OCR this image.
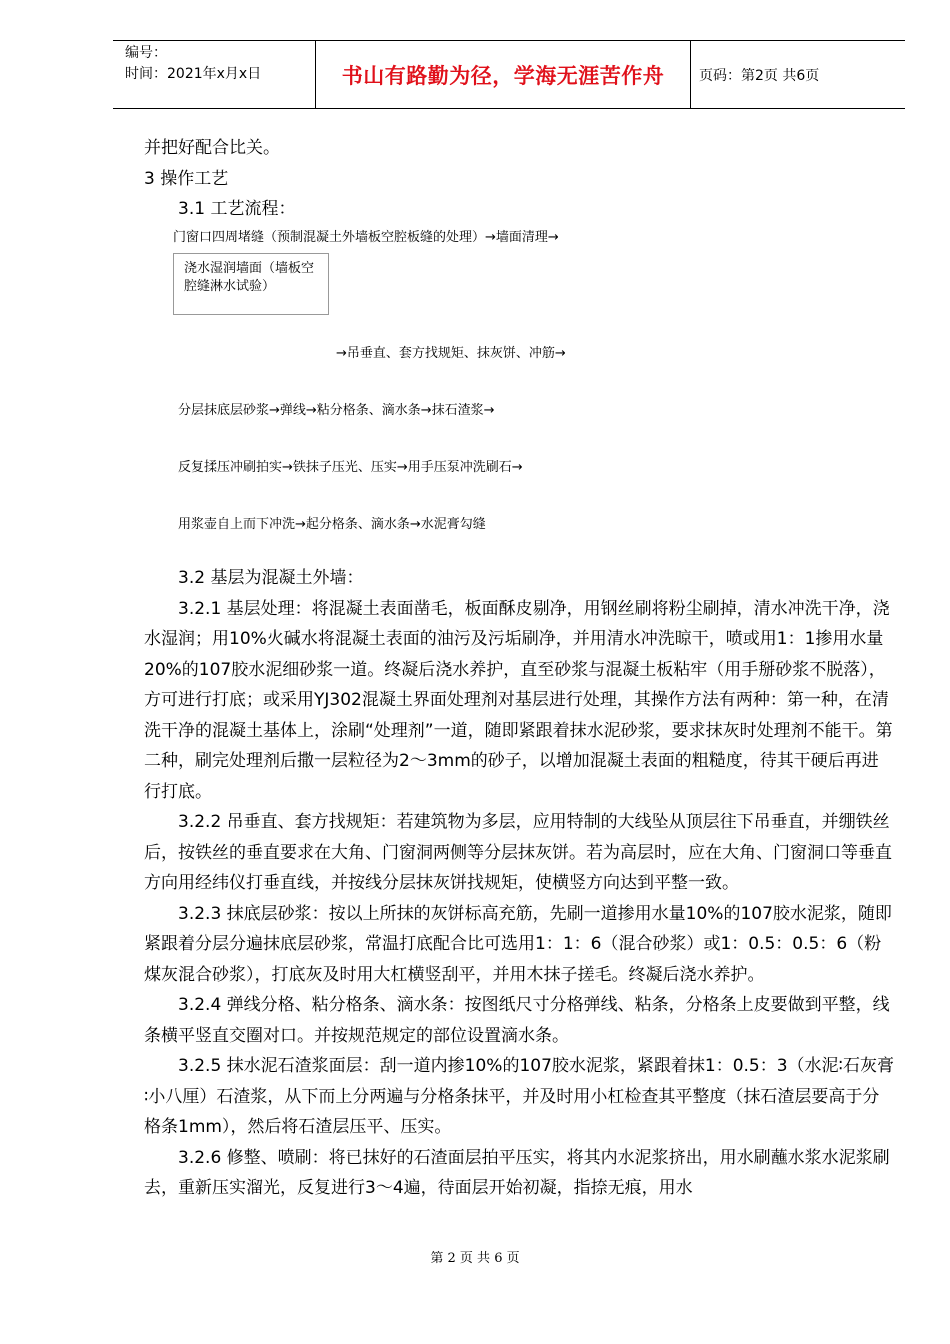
编号：
时间：2021年x月x日	书山有路勤为径，学海无涯苦作舟	页码：第2页 共6页

并把好配合比关。

3 操作工艺

3.1 工艺流程：

门窗口四周堵缝（预制混凝土外墙板空腔板缝的处理）→墙面清理→
浇水湿润墙面（墙板空腔缝淋水试验）
→吊垂直、套方找规矩、抹灰饼、冲筋→
分层抹底层砂浆→弹线→粘分格条、滴水条→抹石渣浆→
反复揉压冲刷拍实→铁抹子压光、压实→用手压泵冲洗刷石→
用浆壶自上而下冲洗→起分格条、滴水条→水泥膏勾缝

3.2 基层为混凝土外墙：

3.2.1 基层处理：将混凝土表面凿毛，板面酥皮剔净，用钢丝刷将粉尘刷掉，清水冲洗干净，浇水湿润；用10%火碱水将混凝土表面的油污及污垢刷净，并用清水冲洗晾干，喷或用1：1掺用水量20%的107胶水泥细砂浆一道。终凝后浇水养护，直至砂浆与混凝土板粘牢（用手掰砂浆不脱落），方可进行打底；或采用YJ302混凝土界面处理剂对基层进行处理，其操作方法有两种：第一种，在清洗干净的混凝土基体上，涂刷“处理剂”一道，随即紧跟着抹水泥砂浆，要求抹灰时处理剂不能干。第二种，刷完处理剂后撒一层粒径为2～3mm的砂子，以增加混凝土表面的粗糙度，待其干硬后再进行打底。

3.2.2 吊垂直、套方找规矩：若建筑物为多层，应用特制的大线坠从顶层往下吊垂直，并绷铁丝后，按铁丝的垂直要求在大角、门窗洞两侧等分层抹灰饼。若为高层时，应在大角、门窗洞口等垂直方向用经纬仪打垂直线，并按线分层抹灰饼找规矩，使横竖方向达到平整一致。

3.2.3 抹底层砂浆：按以上所抹的灰饼标高充筋，先刷一道掺用水量10%的107胶水泥浆，随即紧跟着分层分遍抹底层砂浆，常温打底配合比可选用1：1：6（混合砂浆）或1：0.5：0.5：6（粉煤灰混合砂浆），打底灰及时用大杠横竖刮平，并用木抹子搓毛。终凝后浇水养护。

3.2.4 弹线分格、粘分格条、滴水条：按图纸尺寸分格弹线、粘条，分格条上皮要做到平整，线条横平竖直交圈对口。并按规范规定的部位设置滴水条。

3.2.5 抹水泥石渣浆面层：刮一道内掺10%的107胶水泥浆，紧跟着抹1：0.5：3（水泥∶石灰膏∶小八厘）石渣浆，从下而上分两遍与分格条抹平，并及时用小杠检查其平整度（抹石渣层要高于分格条1mm），然后将石渣层压平、压实。

3.2.6 修整、喷刷：将已抹好的石渣面层拍平压实，将其内水泥浆挤出，用水刷蘸水浆水泥浆刷去，重新压实溜光，反复进行3～4遍，待面层开始初凝，指捺无痕，用水

第 2 页 共 6 页
